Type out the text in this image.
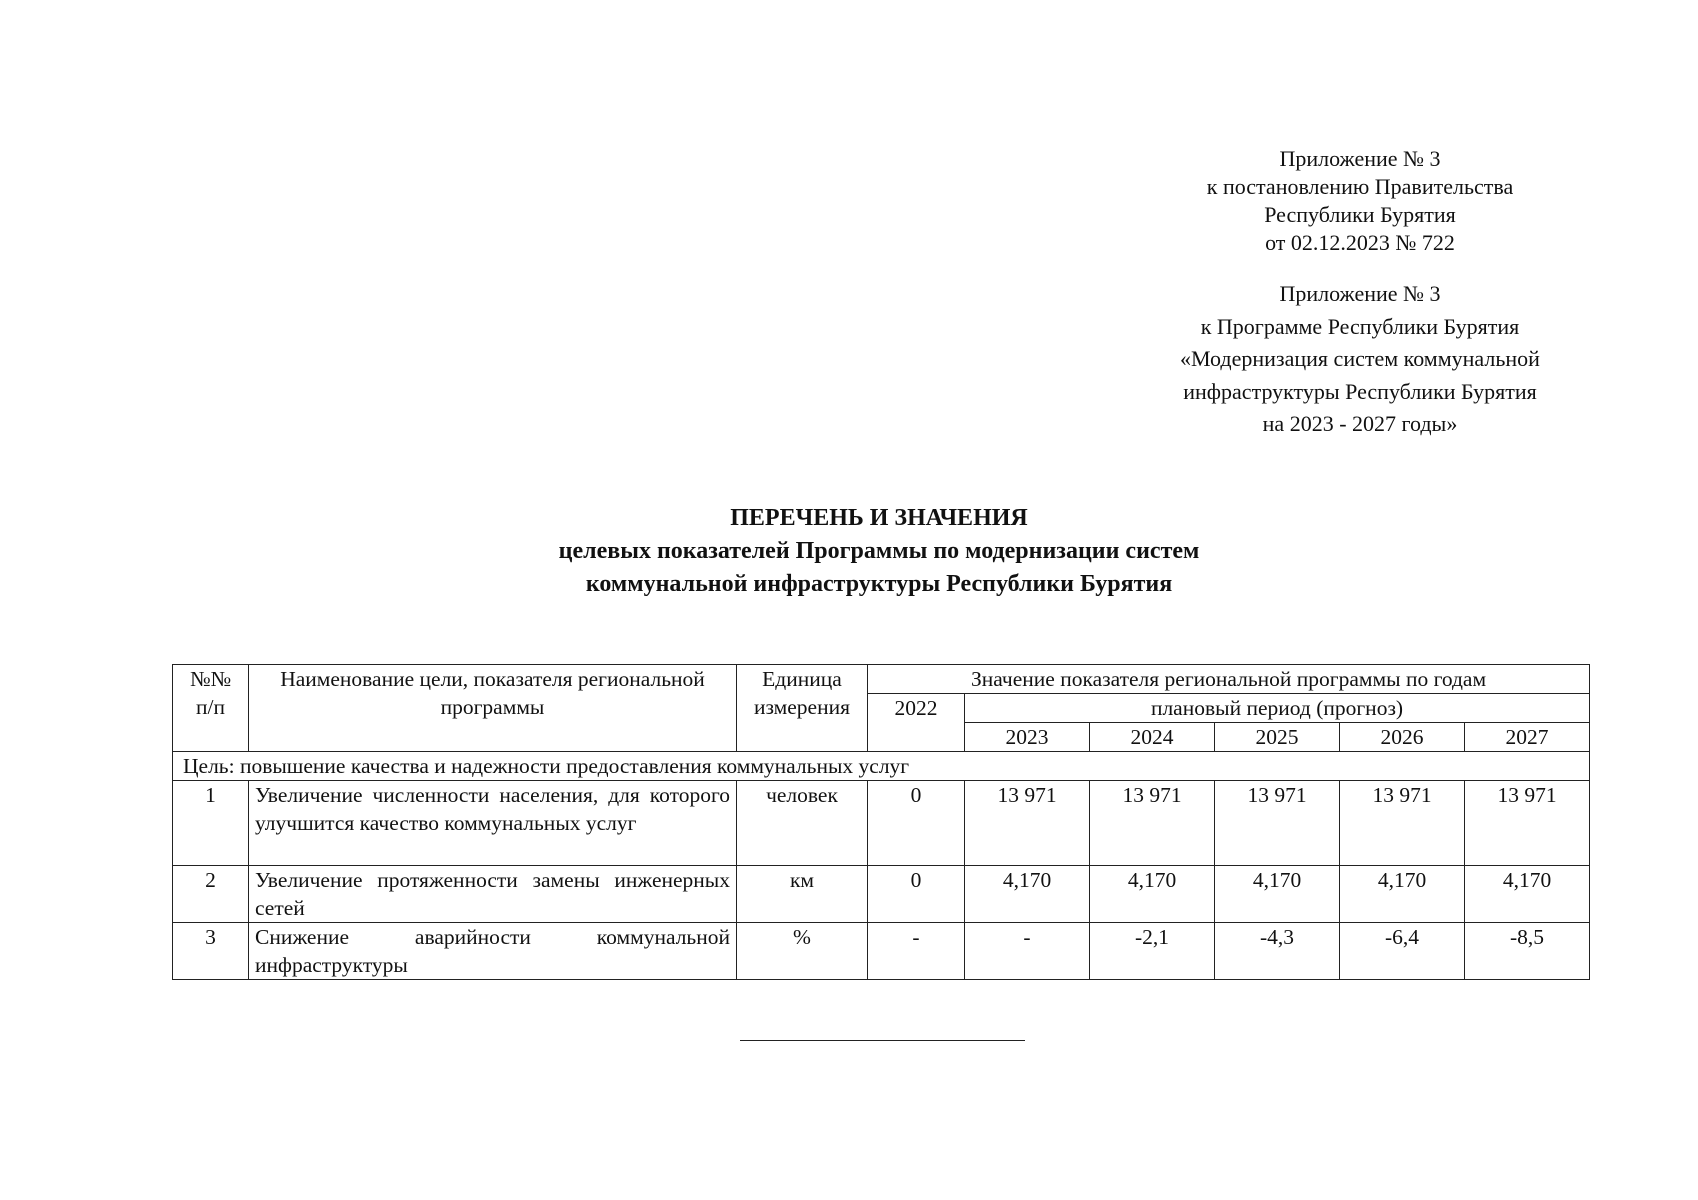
Приложение № 3
к постановлению Правительства
Республики Бурятия
от 02.12.2023 № 722
Приложение № 3
к Программе Республики Бурятия
«Модернизация систем коммунальной
инфраструктуры Республики Бурятия
на 2023 - 2027 годы»
ПЕРЕЧЕНЬ И ЗНАЧЕНИЯ
целевых показателей Программы по модернизации систем
коммунальной инфраструктуры Республики Бурятия
№№ п/п	Наименование цели, показателя региональной программы	Единица измерения	Значение показателя региональной программы по годам					
			2022	плановый период (прогноз)				
				2023	2024	2025	2026	2027
Цель: повышение качества и надежности предоставления коммунальных услуг								
1	Увеличение численности населения, для которого улучшится качество коммунальных услуг	человек	0	13 971	13 971	13 971	13 971	13 971
2	Увеличение протяженности замены инженерных сетей	км	0	4,170	4,170	4,170	4,170	4,170
3	Снижение аварийности коммунальной инфраструктуры	%	-	-	-2,1	-4,3	-6,4	-8,5
